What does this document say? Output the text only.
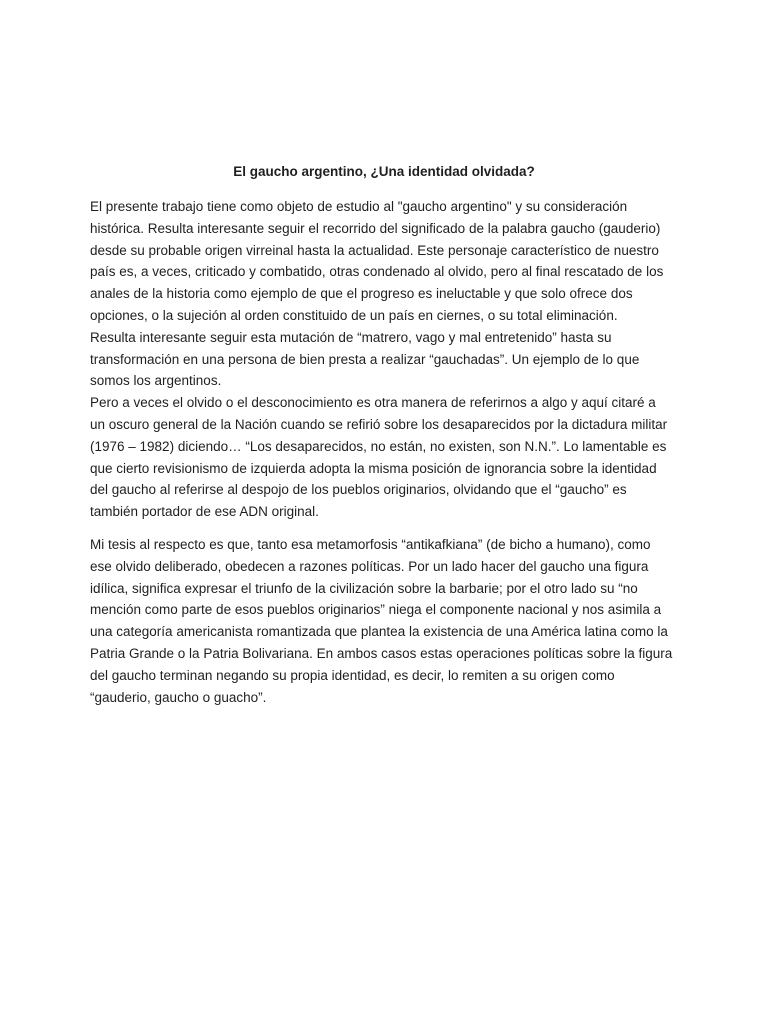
El gaucho argentino, ¿Una identidad olvidada?
El presente trabajo tiene como objeto de estudio al "gaucho argentino" y su consideración
histórica. Resulta interesante seguir el recorrido del significado de la palabra gaucho (gauderio)
desde su probable origen virreinal hasta la actualidad. Este personaje característico de nuestro
país es, a veces, criticado y combatido, otras condenado al olvido, pero al final rescatado de los
anales de la historia como ejemplo de que el progreso es ineluctable y que solo ofrece dos
opciones, o la sujeción al orden constituido de un país en ciernes, o su total eliminación.
Resulta interesante seguir esta mutación de “matrero, vago y mal entretenido” hasta su
transformación en una persona de bien presta a realizar “gauchadas”. Un ejemplo de lo que
somos los argentinos.
Pero a veces el olvido o el desconocimiento es otra manera de referirnos a algo y aquí citaré a
un oscuro general de la Nación cuando se refirió sobre los desaparecidos por la dictadura militar
(1976 – 1982) diciendo… “Los desaparecidos, no están, no existen, son N.N.”. Lo lamentable es
que cierto revisionismo de izquierda adopta la misma posición de ignorancia sobre la identidad
del gaucho al referirse al despojo de los pueblos originarios, olvidando que el “gaucho” es
también portador de ese ADN original.
Mi tesis al respecto es que, tanto esa metamorfosis “antikafkiana” (de bicho a humano), como
ese olvido deliberado, obedecen a razones políticas. Por un lado hacer del gaucho una figura
idílica, significa expresar el triunfo de la civilización sobre la barbarie; por el otro lado su “no
mención como parte de esos pueblos originarios” niega el componente nacional y nos asimila a
una categoría americanista romantizada que plantea la existencia de una América latina como la
Patria Grande o la Patria Bolivariana. En ambos casos estas operaciones políticas sobre la figura
del gaucho terminan negando su propia identidad, es decir, lo remiten a su origen como
“gauderio, gaucho o guacho”.
